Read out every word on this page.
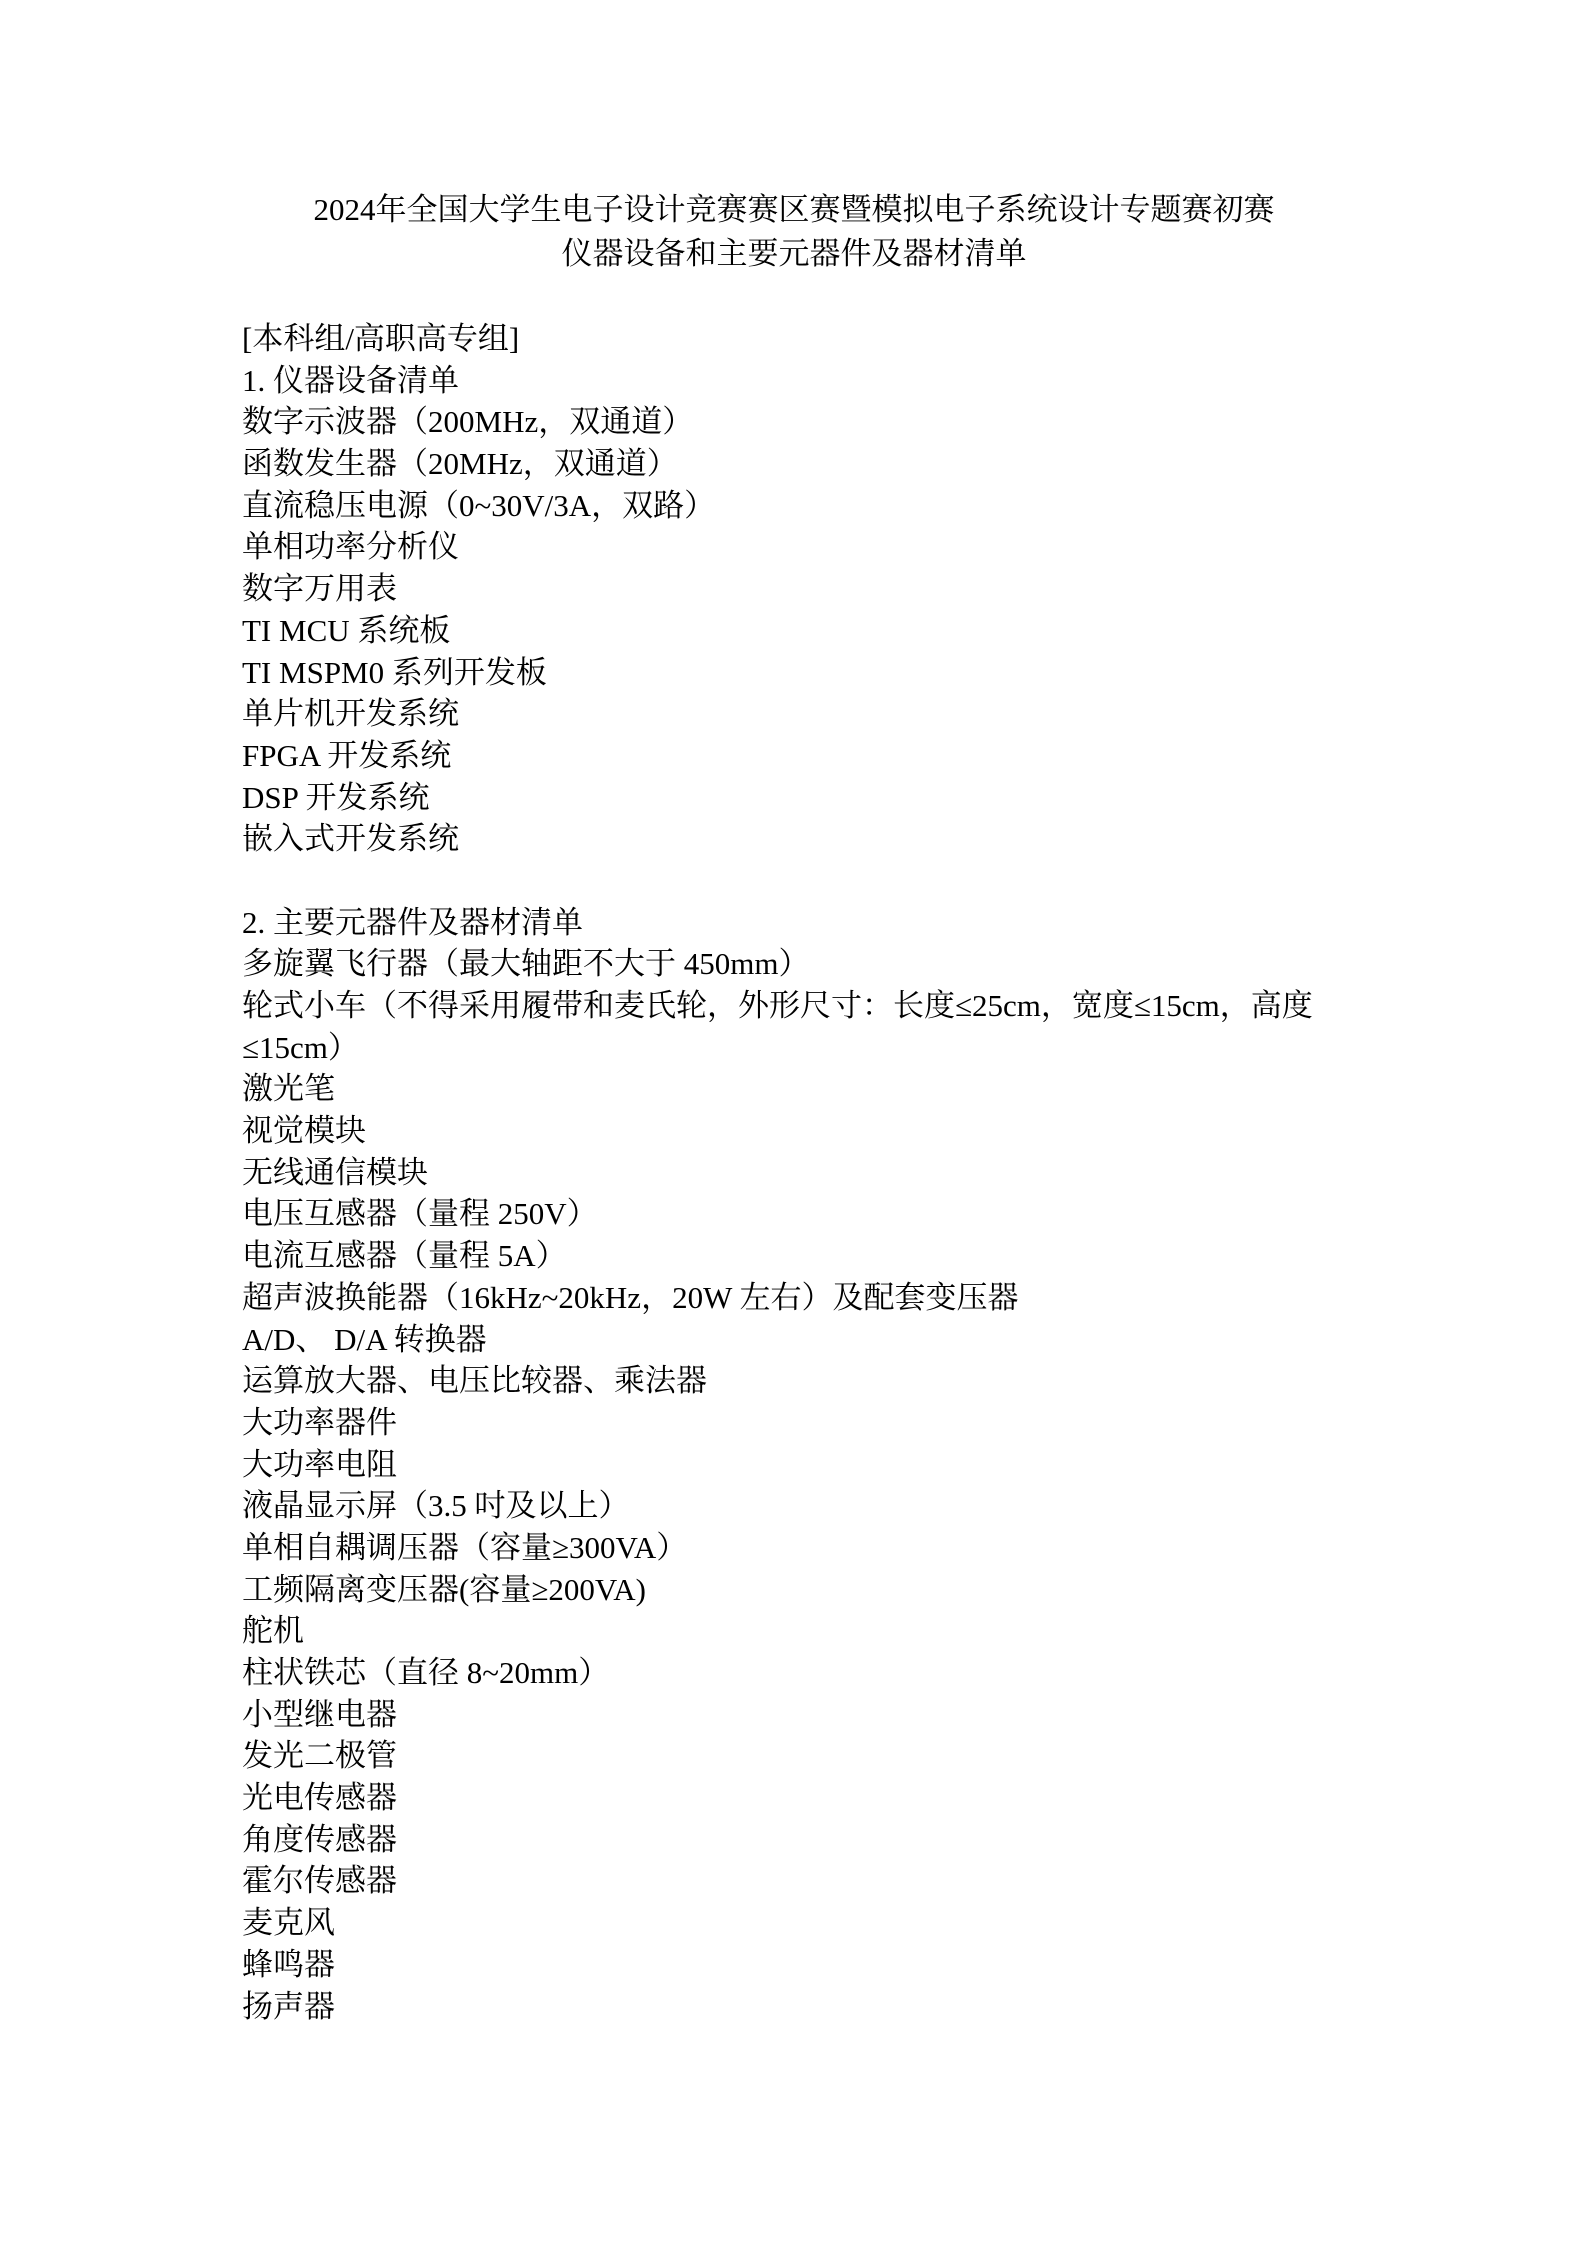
2024年全国大学生电子设计竞赛赛区赛暨模拟电子系统设计专题赛初赛
仪器设备和主要元器件及器材清单
[本科组/高职高专组]
1. 仪器设备清单
数字示波器（200MHz，双通道）
函数发生器（20MHz，双通道）
直流稳压电源（0~30V/3A，双路）
单相功率分析仪
数字万用表
TI MCU 系统板
TI MSPM0 系列开发板
单片机开发系统
FPGA 开发系统
DSP 开发系统
嵌入式开发系统
2. 主要元器件及器材清单
多旋翼飞行器（最大轴距不大于 450mm）
轮式小车（不得采用履带和麦氏轮，外形尺寸：长度≤25cm，宽度≤15cm，高度
≤15cm）
激光笔
视觉模块
无线通信模块
电压互感器（量程 250V）
电流互感器（量程 5A）
超声波换能器（16kHz~20kHz，20W 左右）及配套变压器
A/D、 D/A 转换器
运算放大器、电压比较器、乘法器
大功率器件
大功率电阻
液晶显示屏（3.5 吋及以上）
单相自耦调压器（容量≥300VA）
工频隔离变压器(容量≥200VA)
舵机
柱状铁芯（直径 8~20mm）
小型继电器
发光二极管
光电传感器
角度传感器
霍尔传感器
麦克风
蜂鸣器
扬声器
